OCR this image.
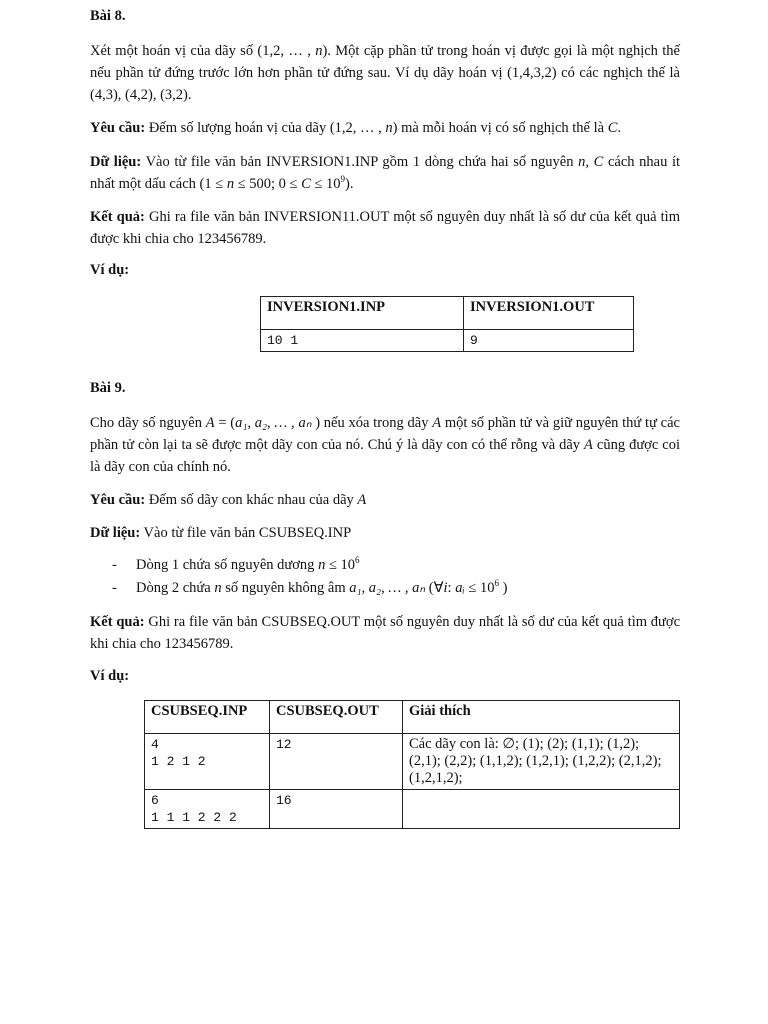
Bài 8.
Xét một hoán vị của dãy số (1,2, … , n). Một cặp phần tử trong hoán vị được gọi là một nghịch thế nếu phần tử đứng trước lớn hơn phần tử đứng sau. Ví dụ dãy hoán vị (1,4,3,2) có các nghịch thế là (4,3), (4,2), (3,2).
Yêu cầu: Đếm số lượng hoán vị của dãy (1,2, … , n) mà mỗi hoán vị có số nghịch thế là C.
Dữ liệu: Vào từ file văn bản INVERSION1.INP gồm 1 dòng chứa hai số nguyên n, C cách nhau ít nhất một dấu cách (1 ≤ n ≤ 500; $0 \le C \le 10^9$).
Kết quả: Ghi ra file văn bản INVERSION11.OUT một số nguyên duy nhất là số dư của kết quả tìm được khi chia cho 123456789.
Ví dụ:
INVERSION1.INP	INVERSION1.OUT
10 1	9
Bài 9.
Cho dãy số nguyên A = (a₁, a₂, … , aₙ ) nếu xóa trong dãy A một số phần tử và giữ nguyên thứ tự các phần tử còn lại ta sẽ được một dãy con của nó. Chú ý là dãy con có thể rỗng và dãy A cũng được coi là dãy con của chính nó.
Yêu cầu: Đếm số dãy con khác nhau của dãy A
Dữ liệu: Vào từ file văn bản CSUBSEQ.INP
- Dòng 1 chứa số nguyên dương $n \le 10^6$
- Dòng 2 chứa n số nguyên không âm a₁, a₂, … , aₙ (∀i: aᵢ ≤ $10^6$ )
Kết quả: Ghi ra file văn bản CSUBSEQ.OUT một số nguyên duy nhất là số dư của kết quả tìm được khi chia cho 123456789.
Ví dụ:
CSUBSEQ.INP	CSUBSEQ.OUT	Giải thích
4
1 2 1 2	12	Các dãy con là: ∅; (1); (2); (1,1); (1,2); (2,1); (2,2); (1,1,2); (1,2,1); (1,2,2); (2,1,2); (1,2,1,2);
6
1 1 1 2 2 2	16	
